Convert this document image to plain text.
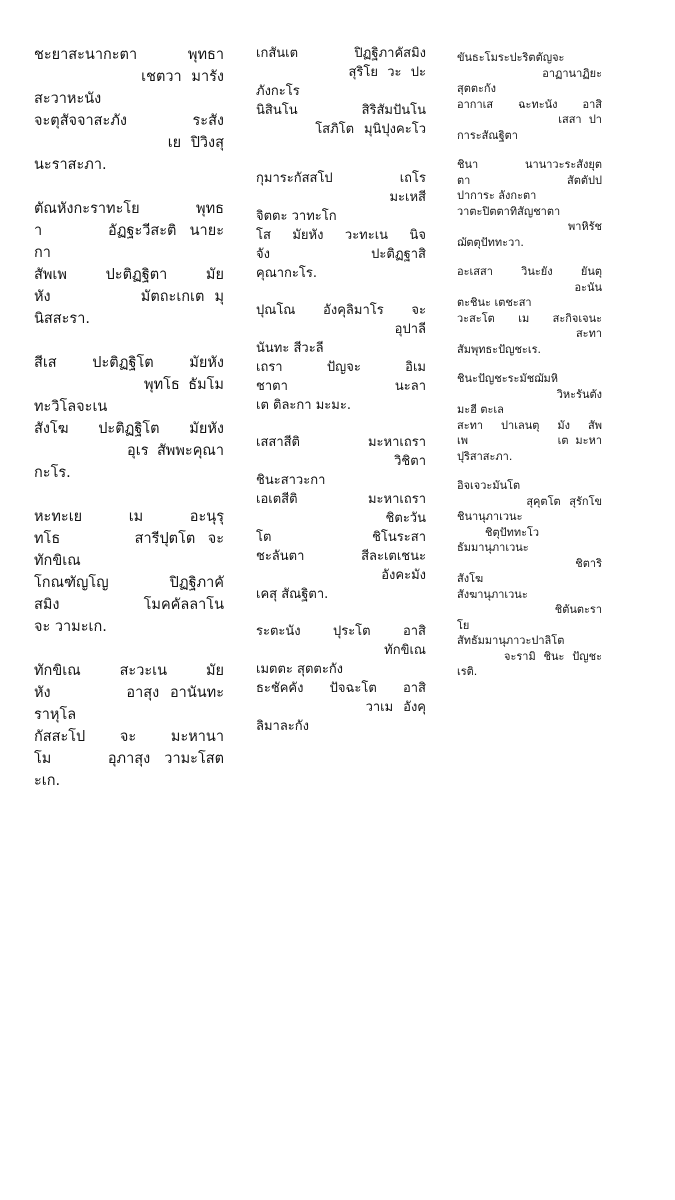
ชะยาสะนากะตา พุทธา
เชตวา มารัง
สะวาหะนัง
จะตุสัจจาสะภัง ระสัง
เย ปิวิงสุ
นะราสะภา.
ตัณหังกะราทะโย พุทธ
า     อัฏฐะวีสะติ นายะ
กา
สัพเพ ปะติฏฐิตา มัย
หัง         มัตถะเกเต มุ
นิสสะรา.
สีเส ปะติฏฐิโต มัยหัง
พุทโธ ธัมโม
ทะวิโลจะเน
สังโฆ ปะติฏฐิโต มัยหัง
อุเร สัพพะคุณา
กะโร.
หะทะเย เม อะนุรุ
ทโธ      สารีปุตโต จะ
ทักขิเณ
โกณฑัญโญ ปิฏฐิภาคั
สมิง        โมคคัลลาโน
จะ วามะเก.
ทักขิเณ สะวะเน มัย
หัง       อาสุง อานันทะ
ราหุโล
กัสสะโป จะ มะหานา
โม    อุภาสุง วามะโสต
ะเก.
เกสันเต ปิฏฐิภาคัสมิง
สุริโย วะ ปะ
ภังกะโร
นิสินโน สิริสัมปันโน
โสภิโต มุนิปุงคะโว
กุมาระกัสสโป เถโร
มะเหสี
จิตตะ วาทะโก
โส มัยหัง วะทะเน นิจ
จัง            ปะติฏฐาสิ
คุณากะโร.
ปุณโณ อังคุลิมาโร จะ
อุปาลี
นันทะ สีวะลี
เถรา ปัญจะ อิเม
ชาตา              นะลา
เต ติละกา มะมะ.
เสสาสีติ มะหาเถรา
วิชิตา
ชินะสาวะกา
เอเตสีติ มะหาเถรา
ชิตะวัน
โต ชิโนระสา
ชะลันตา สีละเตเชนะ
อังคะมัง
เคสุ สัณฐิตา.
ระตะนัง ปุระโต อาสิ
ทักขิเณ
เมตตะ สุตตะกัง
ธะชัคคัง ปัจฉะโต อาสิ
วาเม อังคุ
ลิมาละกัง
ขันธะโมระปะริตตัญจะ
อาฏานาฏิยะ
สุตตะกัง
อากาเส ฉะทะนัง อาสิ
เสสา ปา
การะสัณฐิตา
ชินา นานาวะระสังยุต
ตา            สัตตัปป
ปาการะ ลังกะตา
วาตะปิตตาทิสัญชาตา
พาหิรัช
ฌัตตุปัททะวา.
อะเสสา วินะยัง ยันตุ
อะนัน
ตะชินะ เตชะสา
วะสะโต เม สะกิจเจนะ
สะทา
สัมพุทธะปัญชะเร.
ชินะปัญชะระมัชฌัมหิ
วิหะรันตัง
มะฮี ตะเล
สะทา ปาเลนตุ มัง สัพ
เพ             เต มะหา
ปุริสาสะภา.
อิจเจวะมันโต
สุคุตโต สุรักโข
ชินานุภาเวนะ
ชิตุปัททะโว
ธัมมานุภาเวนะ
ชิตาริ
สังโฆ
สังฆานุภาเวนะ
ชิตันตะรา
โย
สัทธัมมานุภาวะปาลิโต
จะรามิ ชินะ ปัญชะ
เรติ.
